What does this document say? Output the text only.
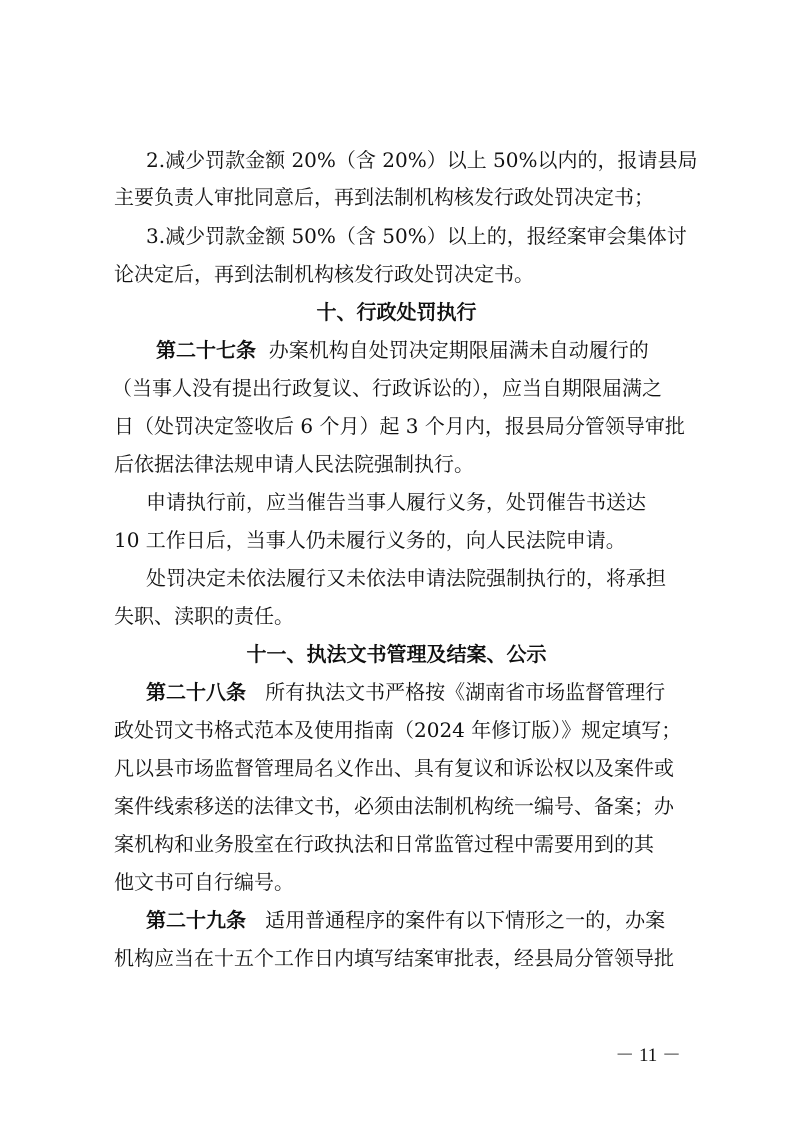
2.减少罚款金额 20%（含 20%）以上 50%以内的，报请县局

主要负责人审批同意后，再到法制机构核发行政处罚决定书；

3.减少罚款金额 50%（含 50%）以上的，报经案审会集体讨

论决定后，再到法制机构核发行政处罚决定书。

十、行政处罚执行

第二十七条 办案机构自处罚决定期限届满未自动履行的

（当事人没有提出行政复议、行政诉讼的），应当自期限届满之

日（处罚决定签收后 6 个月）起 3 个月内，报县局分管领导审批

后依据法律法规申请人民法院强制执行。

申请执行前，应当催告当事人履行义务，处罚催告书送达

10 工作日后，当事人仍未履行义务的，向人民法院申请。

处罚决定未依法履行又未依法申请法院强制执行的，将承担

失职、渎职的责任。

十一、执法文书管理及结案、公示

第二十八条 所有执法文书严格按《湖南省市场监督管理行

政处罚文书格式范本及使用指南（2024 年修订版）》规定填写；

凡以县市场监督管理局名义作出、具有复议和诉讼权以及案件或

案件线索移送的法律文书，必须由法制机构统一编号、备案；办

案机构和业务股室在行政执法和日常监管过程中需要用到的其

他文书可自行编号。

第二十九条 适用普通程序的案件有以下情形之一的，办案

机构应当在十五个工作日内填写结案审批表，经县局分管领导批

－ 11 －
